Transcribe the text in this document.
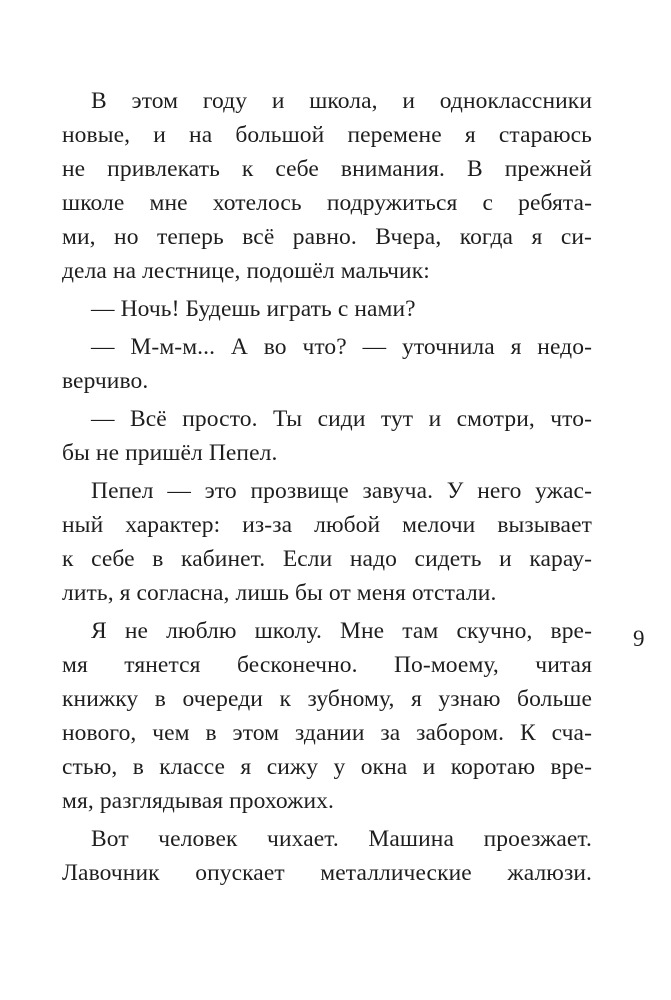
В этом году и школа, и одноклассники
новые, и на большой перемене я стараюсь
не привлекать к себе внимания. В прежней
школе мне хотелось подружиться с ребята-
ми, но теперь всё равно. Вчера, когда я си-
дела на лестнице, подошёл мальчик:
— Ночь! Будешь играть с нами?
— М-м-м... А во что? — уточнила я недо-
верчиво.
— Всё просто. Ты сиди тут и смотри, что-
бы не пришёл Пепел.
Пепел — это прозвище завуча. У него ужас-
ный характер: из-за любой мелочи вызывает
к себе в кабинет. Если надо сидеть и карау-
лить, я согласна, лишь бы от меня отстали.
Я не люблю школу. Мне там скучно, вре-
мя тянется бесконечно. По-моему, читая
книжку в очереди к зубному, я узнаю больше
нового, чем в этом здании за забором. К сча-
стью, в классе я сижу у окна и коротаю вре-
мя, разглядывая прохожих.
Вот человек чихает. Машина проезжает.
Лавочник опускает металлические жалюзи.
9
